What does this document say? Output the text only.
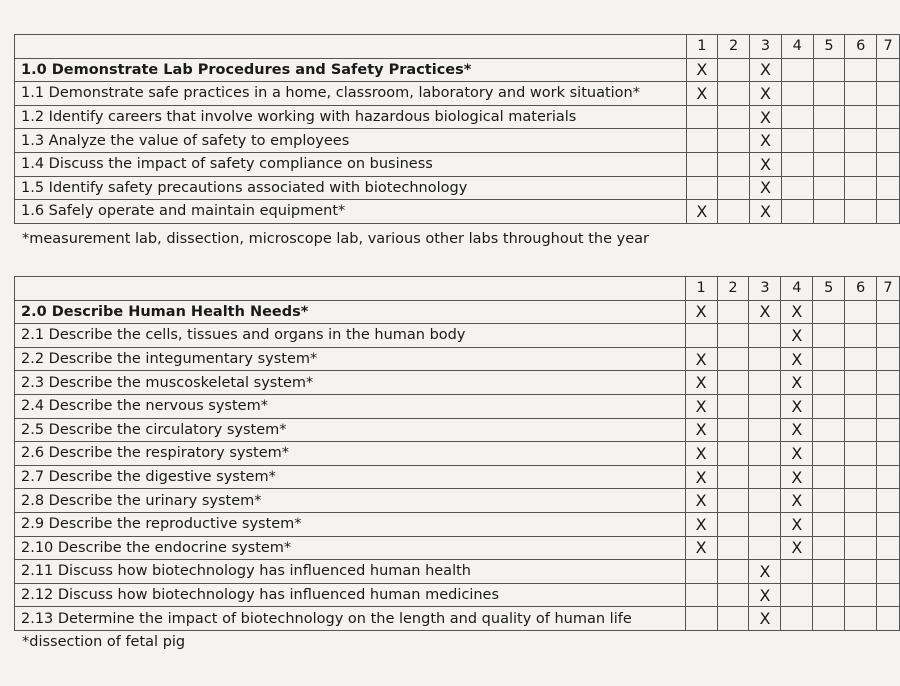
	1	2	3	4	5	6	7
1.0 Demonstrate Lab Procedures and Safety Practices*	X		X				
1.1 Demonstrate safe practices in a home, classroom, laboratory and work situation*	X		X				
1.2 Identify careers that involve working with hazardous biological materials			X				
1.3 Analyze the value of safety to employees			X				
1.4 Discuss the impact of safety compliance on business			X				
1.5 Identify safety precautions associated with biotechnology			X				
1.6 Safely operate and maintain equipment*	X		X				
*measurement lab, dissection, microscope lab, various other labs throughout the year
	1	2	3	4	5	6	7
2.0 Describe Human Health Needs*	X		X	X			
2.1 Describe the cells, tissues and organs in the human body				X			
2.2 Describe the integumentary system*	X			X			
2.3 Describe the muscoskeletal system*	X			X			
2.4 Describe the nervous system*	X			X			
2.5 Describe the circulatory system*	X			X			
2.6 Describe the respiratory system*	X			X			
2.7 Describe the digestive system*	X			X			
2.8 Describe the urinary system*	X			X			
2.9 Describe the reproductive system*	X			X			
2.10 Describe the endocrine system*	X			X			
2.11 Discuss how biotechnology has influenced human health			X				
2.12 Discuss how biotechnology has influenced human medicines			X				
2.13 Determine the impact of biotechnology on the length and quality of human life			X				
*dissection of fetal pig
